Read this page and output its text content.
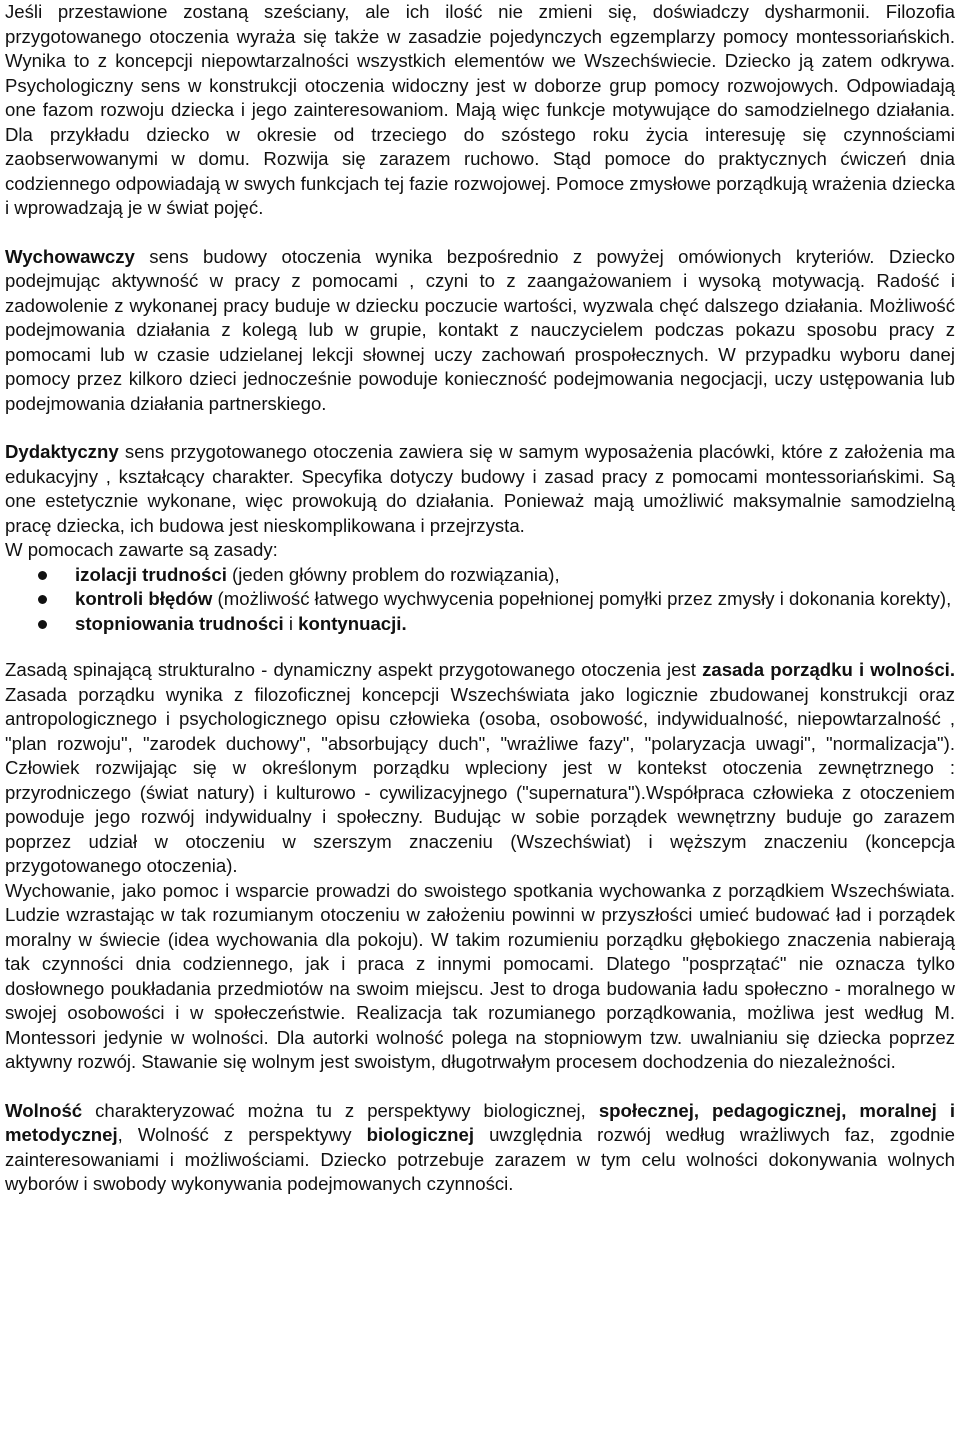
Jeśli przestawione zostaną sześciany, ale ich ilość nie zmieni się, doświadczy dysharmonii. Filozofia przygotowanego otoczenia wyraża się także w zasadzie pojedynczych egzemplarzy pomocy montessoriańskich. Wynika to z koncepcji niepowtarzalności wszystkich elementów we Wszechświecie. Dziecko ją zatem odkrywa. Psychologiczny sens w konstrukcji otoczenia widoczny jest w doborze grup pomocy rozwojowych. Odpowiadają one fazom rozwoju dziecka i jego zainteresowaniom. Mają więc funkcje motywujące do samodzielnego działania. Dla przykładu dziecko w okresie od trzeciego do szóstego roku życia interesuję się czynnościami zaobserwowanymi w domu. Rozwija się zarazem ruchowo. Stąd pomoce do praktycznych ćwiczeń dnia codziennego odpowiadają w swych funkcjach tej fazie rozwojowej. Pomoce zmysłowe porządkują wrażenia dziecka i wprowadzają je w świat pojęć.

Wychowawczy sens budowy otoczenia wynika bezpośrednio z powyżej omówionych kryteriów. Dziecko podejmując aktywność w pracy z pomocami , czyni to z zaangażowaniem i wysoką motywacją. Radość i zadowolenie z wykonanej pracy buduje w dziecku poczucie wartości, wyzwala chęć dalszego działania. Możliwość podejmowania działania z kolegą lub w grupie, kontakt z nauczycielem podczas pokazu sposobu pracy z pomocami lub w czasie udzielanej lekcji słownej uczy zachowań prospołecznych. W przypadku wyboru danej pomocy przez kilkoro dzieci jednocześnie powoduje konieczność podejmowania negocjacji, uczy ustępowania lub podejmowania działania partnerskiego.

Dydaktyczny sens przygotowanego otoczenia zawiera się w samym wyposażenia placówki, które z założenia ma edukacyjny , kształcący charakter. Specyfika dotyczy budowy i zasad pracy z pomocami montessoriańskimi. Są one estetycznie wykonane, więc prowokują do działania. Ponieważ mają umożliwić maksymalnie samodzielną pracę dziecka, ich budowa jest nieskomplikowana i przejrzysta.

W pomocach zawarte są zasady:

izolacji trudności (jeden główny problem do rozwiązania),
kontroli błędów (możliwość łatwego wychwycenia popełnionej pomyłki przez zmysły i dokonania korekty),
stopniowania trudności i kontynuacji.

Zasadą spinającą strukturalno - dynamiczny aspekt przygotowanego otoczenia jest zasada porządku i wolności. Zasada porządku wynika z filozoficznej koncepcji Wszechświata jako logicznie zbudowanej konstrukcji oraz antropologicznego i psychologicznego opisu człowieka (osoba, osobowość, indywidualność, niepowtarzalność , "plan rozwoju", "zarodek duchowy", "absorbujący duch", "wrażliwe fazy", "polaryzacja uwagi", "normalizacja"). Człowiek rozwijając się w określonym porządku wpleciony jest w kontekst otoczenia zewnętrznego : przyrodniczego (świat natury) i kulturowo - cywilizacyjnego ("supernatura").Współpraca człowieka z otoczeniem powoduje jego rozwój indywidualny i społeczny. Budując w sobie porządek wewnętrzny buduje go zarazem poprzez udział w otoczeniu w szerszym znaczeniu (Wszechświat) i węższym znaczeniu (koncepcja przygotowanego otoczenia).

Wychowanie, jako pomoc i wsparcie prowadzi do swoistego spotkania wychowanka z porządkiem Wszechświata. Ludzie wzrastając w tak rozumianym otoczeniu w założeniu powinni w przyszłości umieć budować ład i porządek moralny w świecie (idea wychowania dla pokoju). W takim rozumieniu porządku głębokiego znaczenia nabierają tak czynności dnia codziennego, jak i praca z innymi pomocami. Dlatego "posprzątać" nie oznacza tylko dosłownego poukładania przedmiotów na swoim miejscu. Jest to droga budowania ładu społeczno - moralnego w swojej osobowości i w społeczeństwie. Realizacja tak rozumianego porządkowania, możliwa jest według M. Montessori jedynie w wolności. Dla autorki wolność polega na stopniowym tzw. uwalnianiu się dziecka poprzez aktywny rozwój. Stawanie się wolnym jest swoistym, długotrwałym procesem dochodzenia do niezależności.

Wolność charakteryzować można tu z perspektywy biologicznej, społecznej, pedagogicznej, moralnej i metodycznej, Wolność z perspektywy biologicznej uwzględnia rozwój według wrażliwych faz, zgodnie zainteresowaniami i możliwościami. Dziecko potrzebuje zarazem w tym celu wolności dokonywania wolnych wyborów i swobody wykonywania podejmowanych czynności.
